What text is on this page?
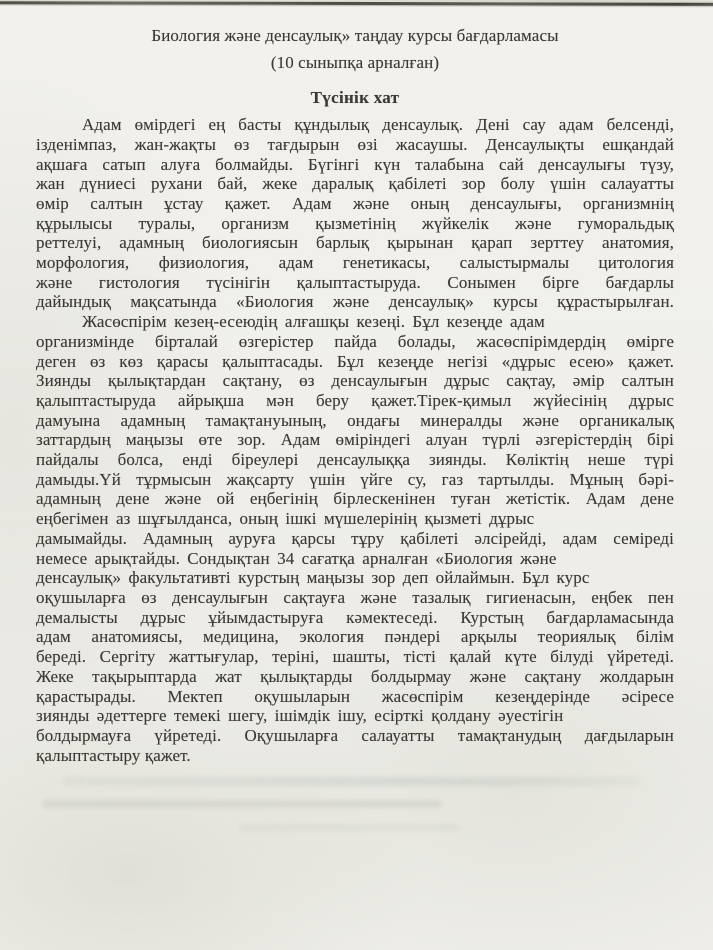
Биология және денсаулық» таңдау курсы бағдарламасы
(10 сыныпқа арналған)
Түсінік хат
Адам өмірдегі ең басты құндылық денсаулық. Дені сау адам белсенді,
ізденімпаз, жан-жақты өз тағдырын өзі жасаушы. Денсаулықты ешқандай
ақшаға сатып алуға болмайды. Бүгінгі күн талабына сай денсаулығы түзу,
жан дүниесі рухани бай, жеке даралық қабілеті зор болу үшін салауатты
өмір салтын ұстау қажет. Адам және оның денсаулығы, организмнің
құрылысы туралы, организм қызметінің жүйкелік және гуморальдық
реттелуі, адамның биологиясын барлық қырынан қарап зерттеу анатомия,
морфология, физиология, адам генетикасы, салыстырмалы цитология
және гистология түсінігін қалыптастыруда. Сонымен бірге бағдарлы
дайындық мақсатында «Биология және денсаулық» курсы құрастырылған.
Жасөспірім кезең-есеюдің алғашқы кезеңі. Бұл кезеңде адам
организмінде бірталай өзгерістер пайда болады, жасөспірімдердің өмірге
деген өз көз қарасы қалыптасады. Бұл кезеңде негізі «дұрыс есею» қажет.
Зиянды қылықтардан сақтану, өз денсаулығын дұрыс сақтау, әмір салтын
қалыптастыруда айрықша мән беру қажет.Тірек-қимыл жүйесінің дұрыс
дамуына адамның тамақтануының, ондағы минералды және органикалық
заттардың маңызы өте зор. Адам өміріндегі алуан түрлі әзгерістердің бірі
пайдалы болса, енді біреулері денсаулыққа зиянды. Көліктің неше түрі
дамыды.Үй тұрмысын жақсарту үшін үйге су, газ тартылды. Мұның бәрі-
адамның дене және ой еңбегінің бірлескенінен туған жетістік. Адам дене
еңбегімен аз шұғылданса, оның ішкі мүшелерінің қызметі дұрыс
дамымайды. Адамның ауруға қарсы тұру қабілеті әлсірейді, адам семіреді
немесе арықтайды. Сондықтан 34 сағатқа арналған «Биология және
денсаулық» факультативті курстың маңызы зор деп ойлаймын. Бұл курс
оқушыларға өз денсаулығын сақтауға және тазалық гигиенасын, еңбек пен
демалысты дұрыс ұйымдастыруға кәмектеседі. Курстың бағдарламасында
адам анатомиясы, медицина, экология пәндері арқылы теориялық білім
береді. Сергіту жаттығулар, теріні, шашты, тісті қалай күте білуді үйретеді.
Жеке тақырыптарда жат қылықтарды болдырмау және сақтану жолдарын
қарастырады. Мектеп оқушыларын жасөспірім кезеңдерінде әсіресе
зиянды әдеттерге темекі шегу, ішімдік ішу, есірткі қолдану әуестігін
болдырмауға үйретеді. Оқушыларға салауатты тамақтанудың дағдыларын
қалыптастыру қажет.
